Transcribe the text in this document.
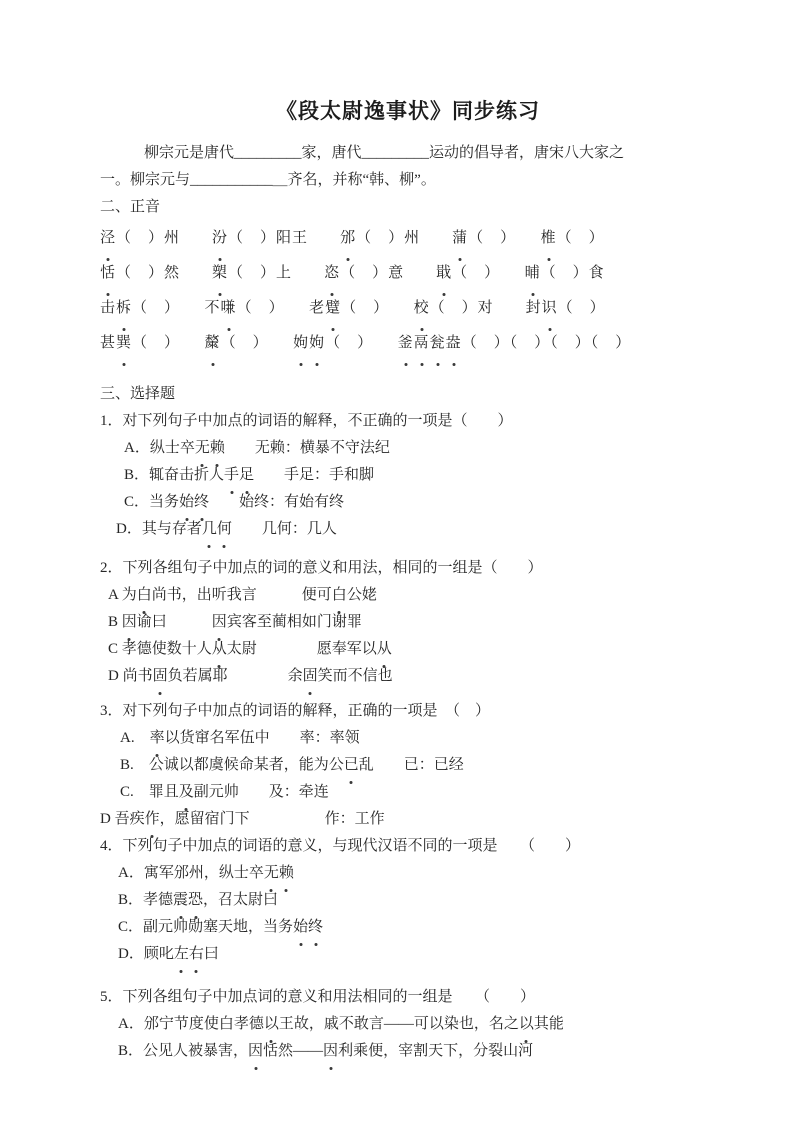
《段太尉逸事状》同步练习

柳宗元是唐代_________家，唐代_________运动的倡导者，唐宋八大家之

一。柳宗元与___________＿齐名，并称“韩、柳”。

二、正音

泾（　）州　　汾（　）阳王　　邠（　）州　　蒲（　）　　椎（　）

恬（　）然　　槊（　）上　　恣（　）意　　戢（　）　　晡（　）食

击柝（　）　　不嗛（　）　　老躄（　）　　校（　）对　　封识（　）

甚巽（　）　　斄（　）　　姁姁（　）　　釜鬲瓮盎（　）（　）（　）（　）

三、选择题

1．对下列句子中加点的词语的解释，不正确的一项是（　　）

A．纵士卒无赖　　无赖：横暴不守法纪

B．辄奋击折人手足　　手足：手和脚

C．当务始终　　始终：有始有终

D．其与存者几何　　几何：几人

2．下列各组句子中加点的词的意义和用法，相同的一组是（　　）

A 为白尚书，出听我言　　　便可白公姥

B 因谕曰　　　因宾客至蔺相如门谢罪

C 孝德使数十人从太尉　　　　愿奉军以从

D 尚书固负若属耶　　　　余固笑而不信也

3．对下列句子中加点的词语的解释，正确的一项是　（　）

A.　率以货窜名军伍中　　率：率领

B.　公诚以都虞候命某者，能为公已乱　　已：已经

C.　罪且及副元帅　　及：牵连

D 吾疾作，愿留宿门下　　　　　作：工作

4．下列句子中加点的词语的意义，与现代汉语不同的一项是　　（　　）

A．寓军邠州，纵士卒无赖

B．孝德震恐，召太尉曰

C．副元帅勋塞天地，当务始终

D．顾叱左右曰

5．下列各组句子中加点词的意义和用法相同的一组是　　（　　）

A．邠宁节度使白孝德以王故，戚不敢言——可以染也，名之以其能

B．公见人被暴害，因恬然——因利乘便，宰割天下，分裂山河
